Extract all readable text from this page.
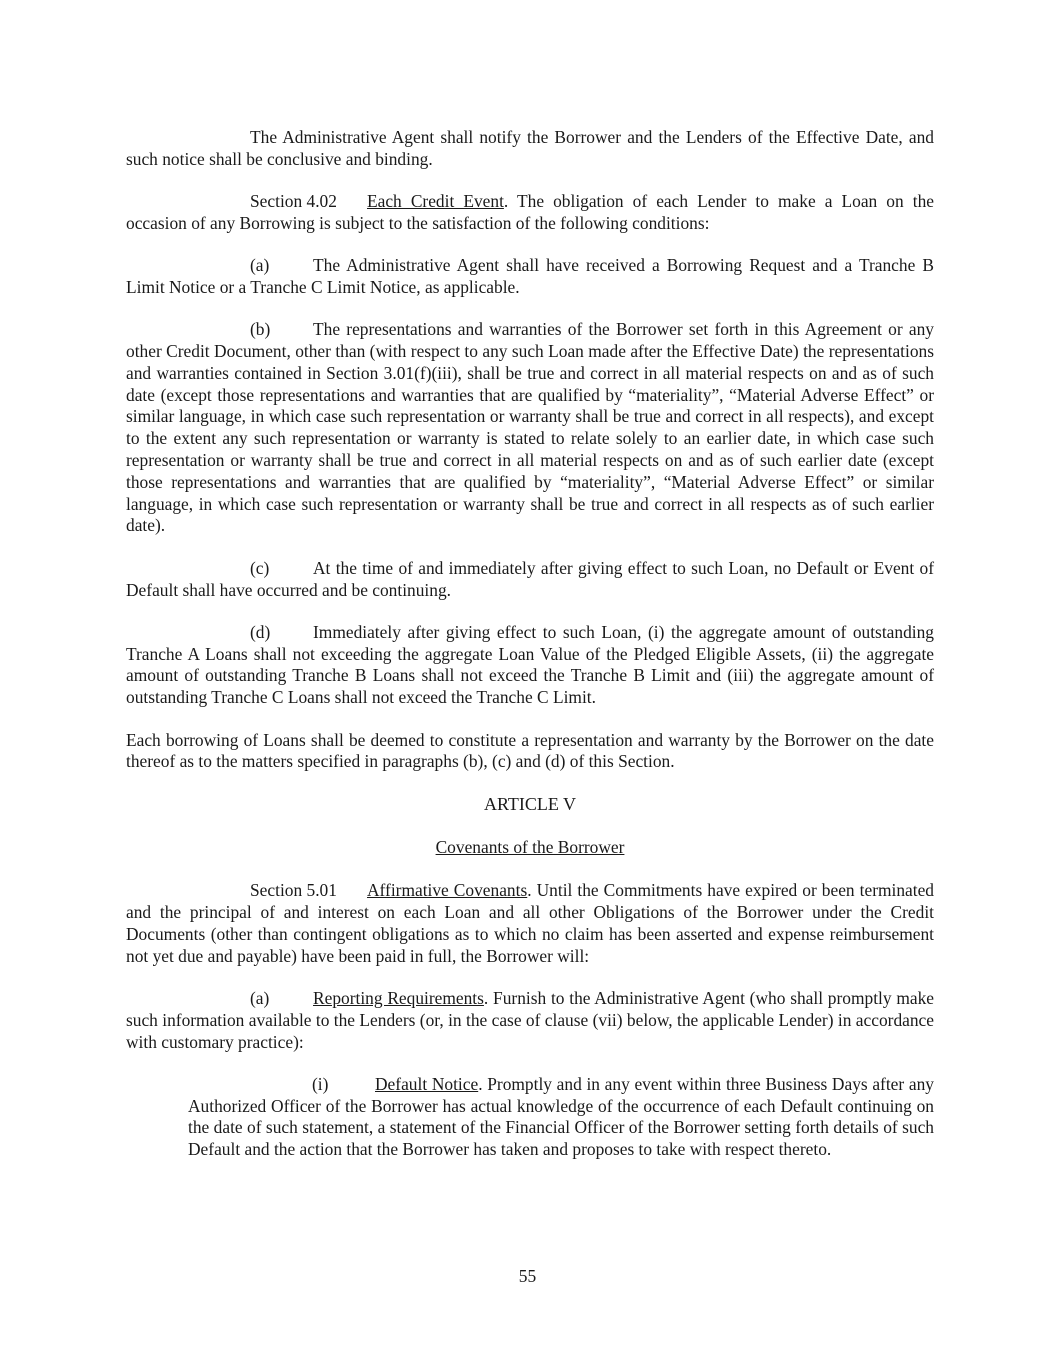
The Administrative Agent shall notify the Borrower and the Lenders of the Effective Date, and such notice shall be conclusive and binding.

Section 4.02 Each Credit Event. The obligation of each Lender to make a Loan on the occasion of any Borrowing is subject to the satisfaction of the following conditions:

(a)	The Administrative Agent shall have received a Borrowing Request and a Tranche B Limit Notice or a Tranche C Limit Notice, as applicable.

(b) The representations and warranties of the Borrower set forth in this Agreement or any other Credit Document, other than (with respect to any such Loan made after the Effective Date) the representations and warranties contained in Section 3.01(f)(iii), shall be true and correct in all material respects on and as of such date (except those representations and warranties that are qualified by “materiality”, “Material Adverse Effect” or similar language, in which case such representation or warranty shall be true and correct in all respects), and except to the extent any such representation or warranty is stated to relate solely to an earlier date, in which case such representation or warranty shall be true and correct in all material respects on and as of such earlier date (except those representations and warranties that are qualified by “materiality”, “Material Adverse Effect” or similar language, in which case such representation or warranty shall be true and correct in all respects as of such earlier date).

(c)	At the time of and immediately after giving effect to such Loan, no Default or Event of Default shall have occurred and be continuing.

(d) Immediately after giving effect to such Loan, (i) the aggregate amount of outstanding Tranche A Loans shall not exceeding the aggregate Loan Value of the Pledged Eligible Assets, (ii) the aggregate amount of outstanding Tranche B Loans shall not exceed the Tranche B Limit and (iii) the aggregate amount of outstanding Tranche C Loans shall not exceed the Tranche C Limit.

Each borrowing of Loans shall be deemed to constitute a representation and warranty by the Borrower on the date thereof as to the matters specified in paragraphs (b), (c) and (d) of this Section.

ARTICLE V

Covenants of the Borrower

Section 5.01 Affirmative Covenants. Until the Commitments have expired or been terminated and the principal of and interest on each Loan and all other Obligations of the Borrower under the Credit Documents (other than contingent obligations as to which no claim has been asserted and expense reimbursement not yet due and payable) have been paid in full, the Borrower will:

(a)	Reporting Requirements. Furnish to the Administrative Agent (who shall promptly make such information available to the Lenders (or, in the case of clause (vii) below, the applicable Lender) in accordance with customary practice):

(i)	Default Notice. Promptly and in any event within three Business Days after any Authorized Officer of the Borrower has actual knowledge of the occurrence of each Default continuing on the date of such statement, a statement of the Financial Officer of the Borrower setting forth details of such Default and the action that the Borrower has taken and proposes to take with respect thereto.

55
